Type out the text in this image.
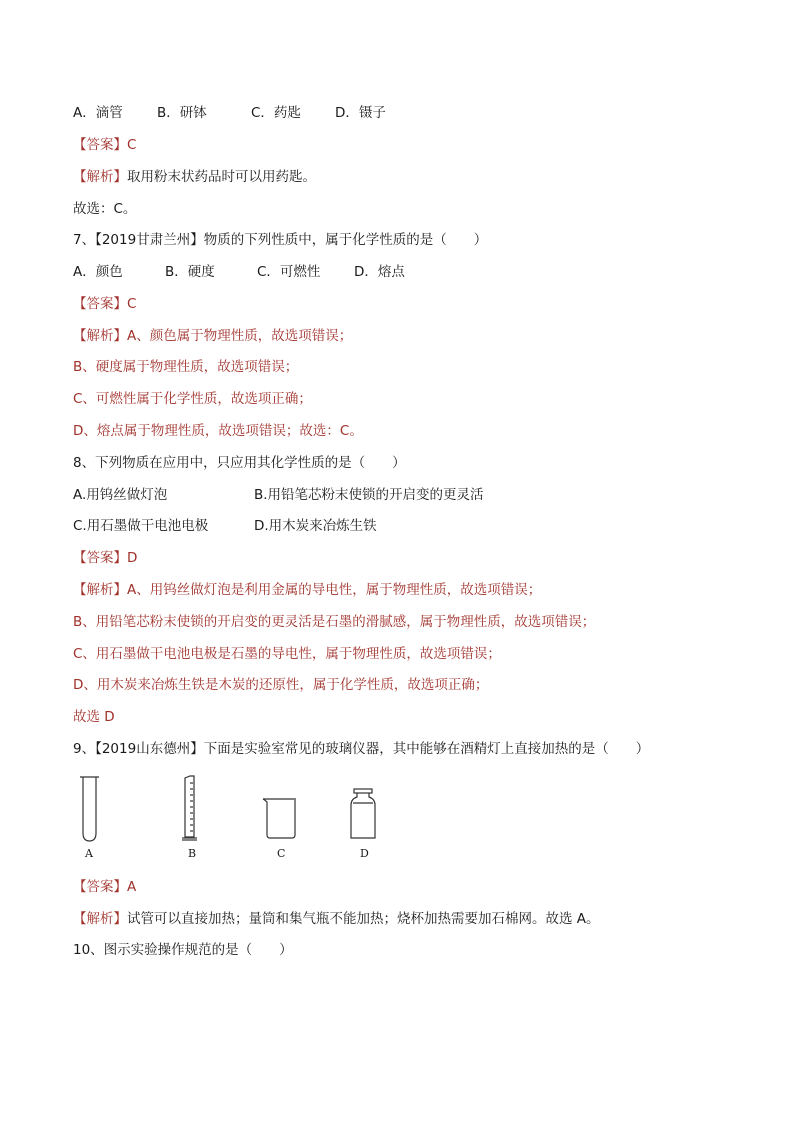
A．滴管	B．研钵	C．药匙	D．镊子
【答案】C
【解析】取用粉末状药品时可以用药匙。
故选：C。
7、【2019甘肃兰州】物质的下列性质中，属于化学性质的是（　　）
A．颜色	B．硬度	C．可燃性 D．熔点
【答案】C
【解析】A、颜色属于物理性质，故选项错误；
B、硬度属于物理性质，故选项错误；
C、可燃性属于化学性质，故选项正确；
D、熔点属于物理性质，故选项错误；故选：C。
8、下列物质在应用中，只应用其化学性质的是（　　）
A.用钨丝做灯泡	B.用铅笔芯粉末使锁的开启变的更灵活
C.用石墨做干电池电极	D.用木炭来冶炼生铁
【答案】D
【解析】A、用钨丝做灯泡是利用金属的导电性，属于物理性质，故选项错误；
B、用铅笔芯粉末使锁的开启变的更灵活是石墨的滑腻感，属于物理性质，故选项错误；
C、用石墨做干电池电极是石墨的导电性，属于物理性质，故选项错误；
D、用木炭来冶炼生铁是木炭的还原性，属于化学性质，故选项正确；
故选 D
9、【2019山东德州】下面是实验室常见的玻璃仪器，其中能够在酒精灯上直接加热的是（　　）
A	B	C	D
【答案】A
【解析】试管可以直接加热；量筒和集气瓶不能加热；烧杯加热需要加石棉网。故选 A。
10、图示实验操作规范的是（　　）
